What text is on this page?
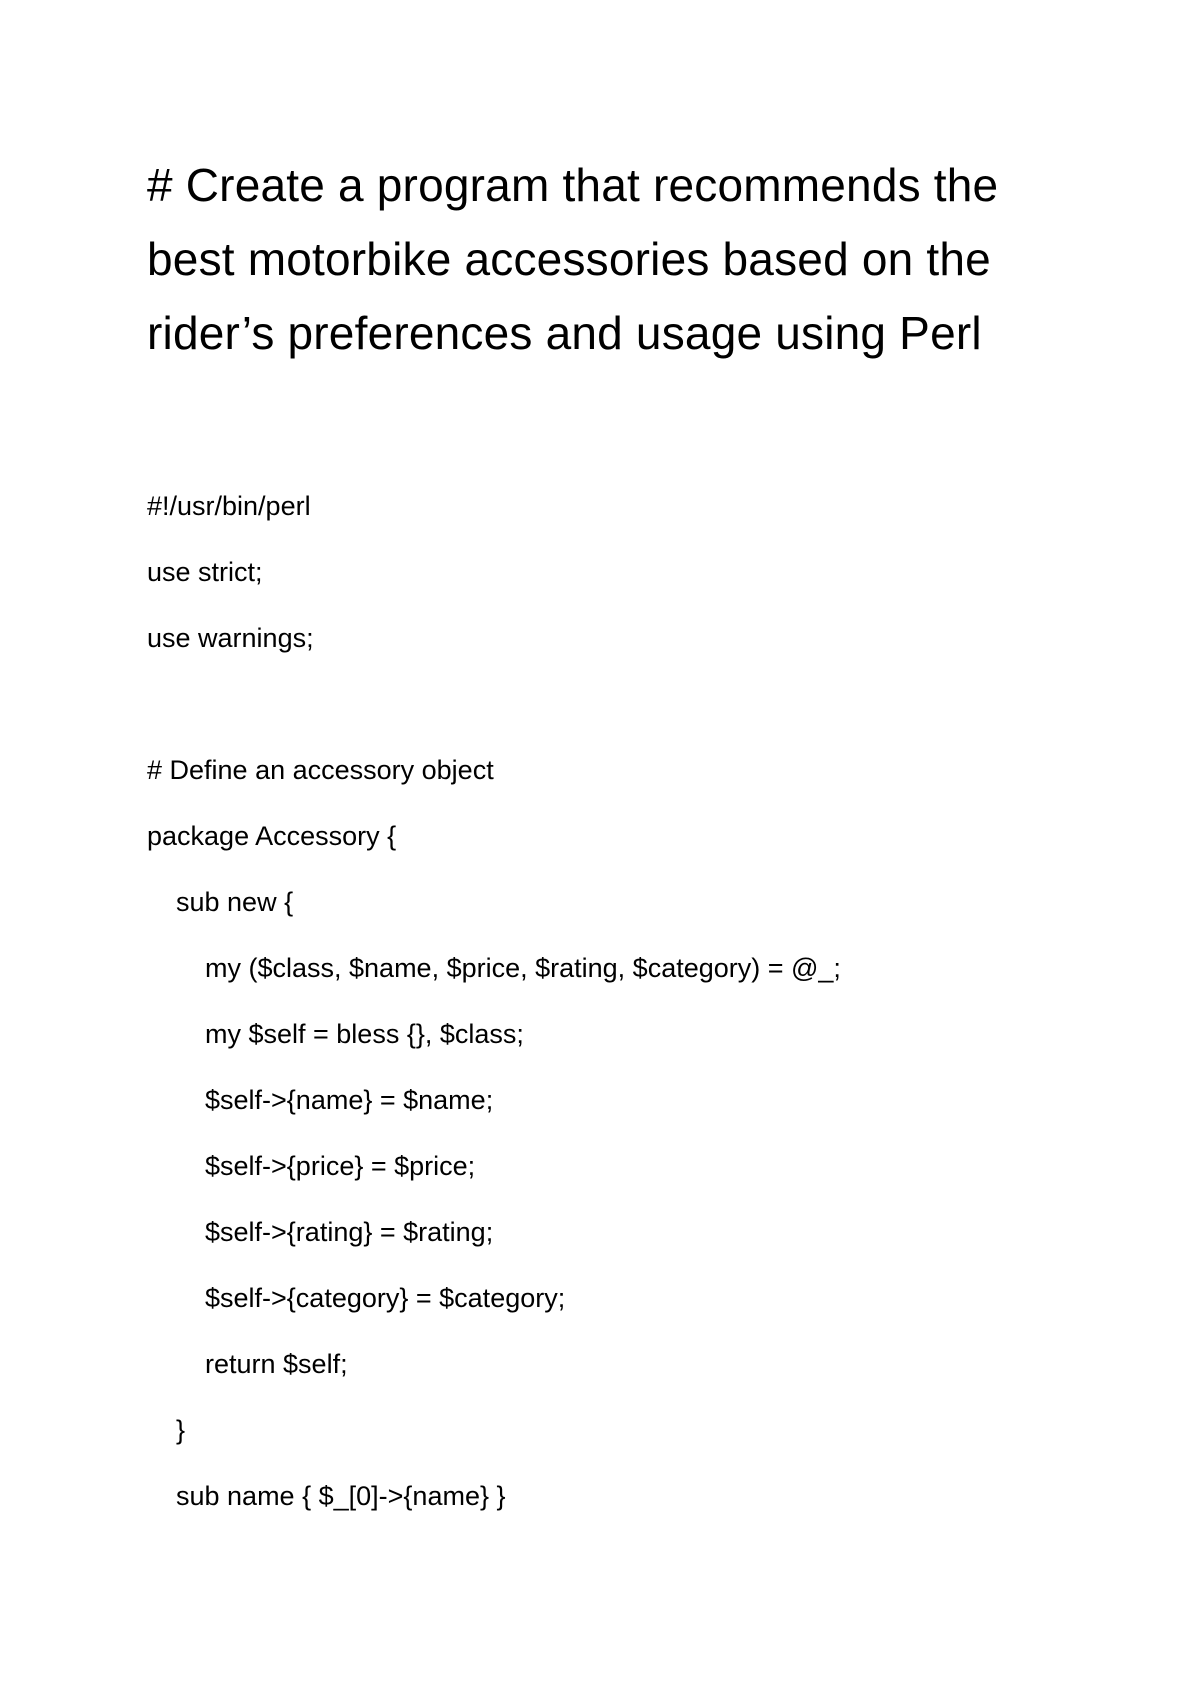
# Create a program that recommends the
best motorbike accessories based on the
rider’s preferences and usage using Perl
#!/usr/bin/perl
use strict;
use warnings;
# Define an accessory object
package Accessory {
sub new {
my ($class, $name, $price, $rating, $category) = @_;
my $self = bless {}, $class;
$self->{name} = $name;
$self->{price} = $price;
$self->{rating} = $rating;
$self->{category} = $category;
return $self;
}
sub name { $_[0]->{name} }
